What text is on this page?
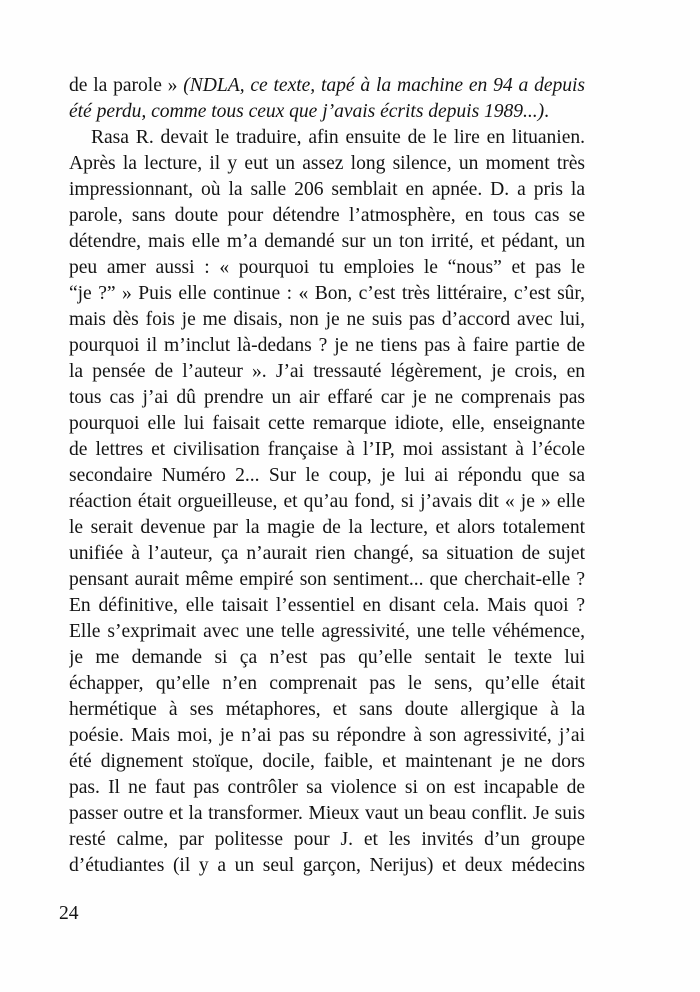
de la parole » (NDLA, ce texte, tapé à la machine en 94 a depuis
été perdu, comme tous ceux que j’avais écrits depuis 1989...).
Rasa R. devait le traduire, afin ensuite de le lire en lituanien.
Après la lecture, il y eut un assez long silence, un moment très
impressionnant, où la salle 206 semblait en apnée. D. a pris la
parole, sans doute pour détendre l’atmosphère, en tous cas se
détendre, mais elle m’a demandé sur un ton irrité, et pédant, un
peu amer aussi : « pourquoi tu emploies le “nous” et pas le
“je ?” » Puis elle continue : « Bon, c’est très littéraire, c’est sûr,
mais dès fois je me disais, non je ne suis pas d’accord avec lui,
pourquoi il m’inclut là-dedans ? je ne tiens pas à faire partie de
la pensée de l’auteur ». J’ai tressauté légèrement, je crois, en
tous cas j’ai dû prendre un air effaré car je ne comprenais pas
pourquoi elle lui faisait cette remarque idiote, elle, enseignante
de lettres et civilisation française à l’IP, moi assistant à l’école
secondaire Numéro 2... Sur le coup, je lui ai répondu que sa
réaction était orgueilleuse, et qu’au fond, si j’avais dit « je » elle
le serait devenue par la magie de la lecture, et alors totalement
unifiée à l’auteur, ça n’aurait rien changé, sa situation de sujet
pensant aurait même empiré son sentiment... que cherchait-elle ?
En définitive, elle taisait l’essentiel en disant cela. Mais quoi ?
Elle s’exprimait avec une telle agressivité, une telle véhémence,
je me demande si ça n’est pas qu’elle sentait le texte lui
échapper, qu’elle n’en comprenait pas le sens, qu’elle était
hermétique à ses métaphores, et sans doute allergique à la
poésie. Mais moi, je n’ai pas su répondre à son agressivité, j’ai
été dignement stoïque, docile, faible, et maintenant je ne dors
pas. Il ne faut pas contrôler sa violence si on est incapable de
passer outre et la transformer. Mieux vaut un beau conflit. Je suis
resté calme, par politesse pour J. et les invités d’un groupe
d’étudiantes (il y a un seul garçon, Nerijus) et deux médecins
24
